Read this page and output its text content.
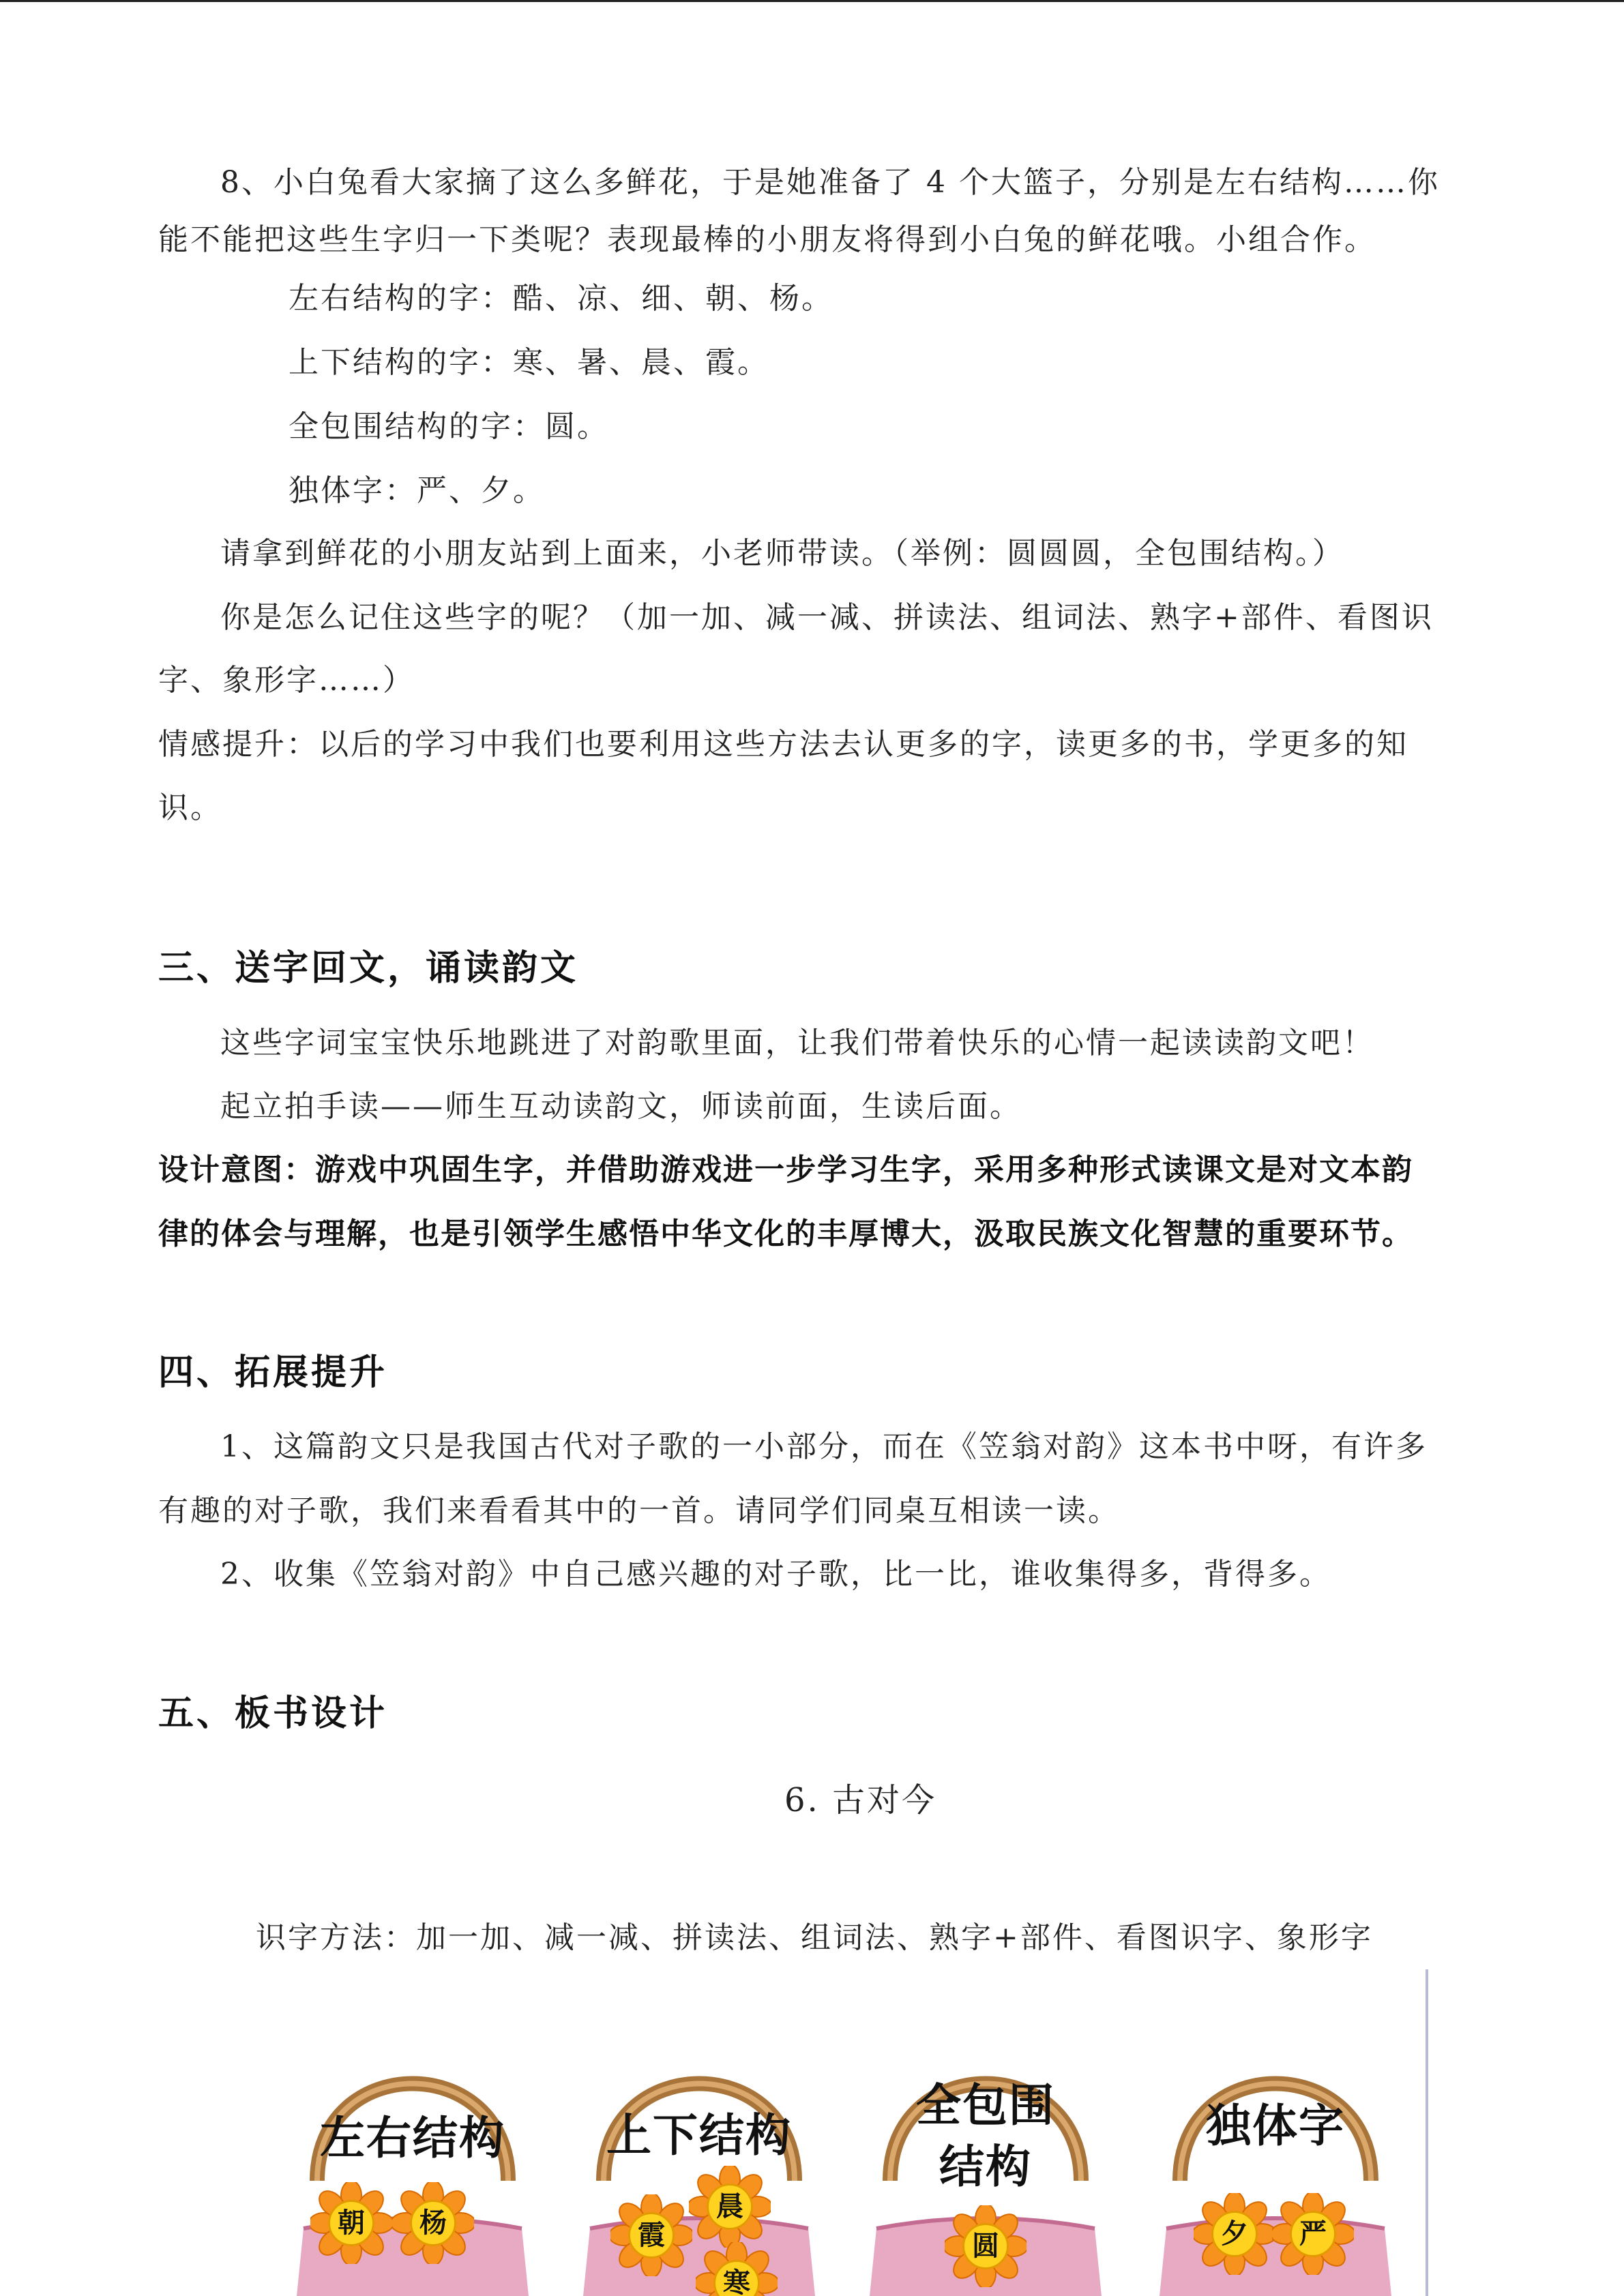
8、小白兔看大家摘了这么多鲜花，于是她准备了 4 个大篮子，分别是左右结构……你
能不能把这些生字归一下类呢？表现最棒的小朋友将得到小白兔的鲜花哦。小组合作。
左右结构的字：酷、凉、细、朝、杨。
上下结构的字：寒、暑、晨、霞。
全包围结构的字：圆。
独体字：严、夕。
请拿到鲜花的小朋友站到上面来，小老师带读。（举例：圆圆圆，全包围结构。）
你是怎么记住这些字的呢？（加一加、减一减、拼读法、组词法、熟字+部件、看图识
字、象形字……）
情感提升：以后的学习中我们也要利用这些方法去认更多的字，读更多的书，学更多的知
识。
三、送字回文，诵读韵文
这些字词宝宝快乐地跳进了对韵歌里面，让我们带着快乐的心情一起读读韵文吧！
起立拍手读——师生互动读韵文，师读前面，生读后面。
设计意图：游戏中巩固生字，并借助游戏进一步学习生字，采用多种形式读课文是对文本韵
律的体会与理解，也是引领学生感悟中华文化的丰厚博大，汲取民族文化智慧的重要环节。
四、拓展提升
1、这篇韵文只是我国古代对子歌的一小部分，而在《笠翁对韵》这本书中呀，有许多
有趣的对子歌，我们来看看其中的一首。请同学们同桌互相读一读。
2、收集《笠翁对韵》中自己感兴趣的对子歌，比一比，谁收集得多，背得多。
五、板书设计
6. 古对今
识字方法：加一加、减一减、拼读法、组词法、熟字+部件、看图识字、象形字
左右结构
朝	杨
上下结构
霞
晨
寒
全包围
结构
圆
独体字
夕	严
